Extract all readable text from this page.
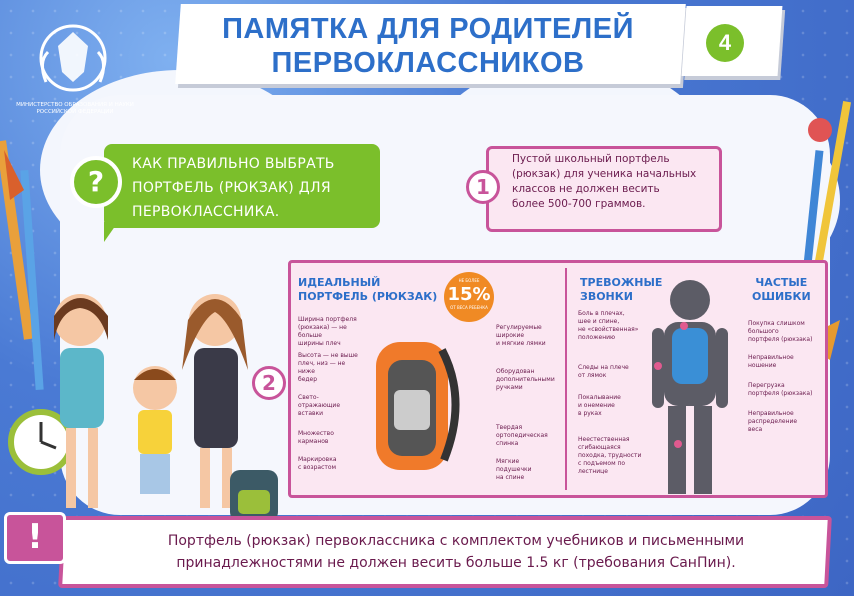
ПАМЯТКА ДЛЯ РОДИТЕЛЕЙ
ПЕРВОКЛАССНИКОВ
4
МИНИСТЕРСТВО ОБРАЗОВАНИЯ И НАУКИ
РОССИЙСКОЙ ФЕДЕРАЦИИ
?
КАК ПРАВИЛЬНО ВЫБРАТЬ
ПОРТФЕЛЬ (РЮКЗАК) ДЛЯ
ПЕРВОКЛАССНИКА.
1
Пустой школьный портфель
(рюкзак) для ученика начальных
классов не должен весить
более 500-700 граммов.
2
ИДЕАЛЬНЫЙ
ПОРТФЕЛЬ (РЮКЗАК)
НЕ БОЛЕЕ
15%
ОТ ВЕСА РЕБЕНКА
Ширина портфеля
(рюкзака) — не больше
ширины плеч
Высота — не выше
плеч, низ — не ниже
бедер
Свето-
отражающие
вставки
Множество
карманов
Маркировка
с возрастом
Регулируемые
широкие
и мягкие лямки
Оборудован
дополнительными
ручками
Твердая
ортопедическая
спинка
Мягкие
подушечки
на спине
ТРЕВОЖНЫЕ
ЗВОНКИ
ЧАСТЫЕ
ОШИБКИ
Боль в плечах,
шее и спине,
не «свойственная»
положению
Следы на плече
от лямок
Покалывание
и онемение
в руках
Неестественная
сгибающаяся
походка, трудности
с подъемом по лестнице
Покупка слишком
большого
портфеля (рюкзака)
Неправильное
ношение
Перегрузка
портфеля (рюкзака)
Неправильное
распределение
веса
!	Портфель (рюкзак) первоклассника с комплектом учебников и письменными
принадлежностями не должен весить больше 1.5 кг (требования СанПин).
